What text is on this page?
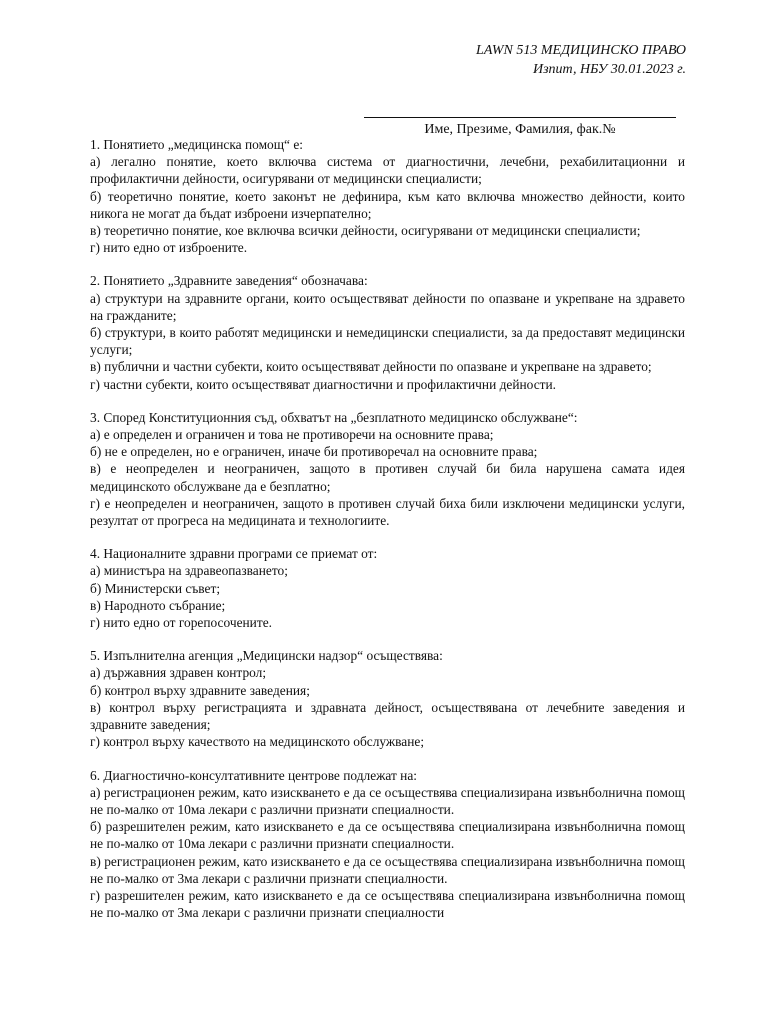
LAWN 513 МЕДИЦИНСКО ПРАВО
Изпит, НБУ 30.01.2023 г.
Име, Презиме, Фамилия, фак.№

1. Понятието „медицинска помощ“ е:

а) легално понятие, което включва система от диагностични, лечебни, рехабилитационни и профилактични дейности, осигурявани от медицински специалисти;

б) теоретично понятие, което законът не дефинира, към като включва множество дейности, които никога не могат да бъдат изброени изчерпателно;

в) теоретично понятие, кое включва всички дейности, осигурявани от медицински специалисти;

г) нито едно от изброените.

2. Понятието „Здравните заведения“ обозначава:

а) структури на здравните органи, които осъществяват дейности по опазване и укрепване на здравето на гражданите;

б) структури, в които работят медицински и немедицински специалисти, за да предоставят медицински услуги;

в) публични и частни субекти, които осъществяват дейности по опазване и укрепване на здравето;

г) частни субекти, които осъществяват диагностични и профилактични дейности.

3. Според Конституционния съд, обхватът на „безплатното медицинско обслужване“:

а) е определен и ограничен и това не противоречи на основните права;

б) не е определен, но е ограничен, иначе би противоречал на основните права;

в) е неопределен и неограничен, защото в противен случай би била нарушена самата идея медицинското обслужване да е безплатно;

г) е неопределен и неограничен, защото в противен случай биха били изключени медицински услуги, резултат от прогреса на медицината и технологиите.

4. Националните здравни програми се приемат от:

а) министъра на здравеопазването;

б) Министерски съвет;

в) Народното събрание;

г) нито едно от горепосочените.

5. Изпълнителна агенция „Медицински надзор“ осъществява:

а) държавния здравен контрол;

б) контрол върху здравните заведения;

в) контрол върху регистрацията и здравната дейност, осъществявана от лечебните заведения и здравните заведения;

г) контрол върху качеството на медицинското обслужване;

6. Диагностично-консултативните центрове подлежат на:

а) регистрационен режим, като изискването е да се осъществява специализирана извънболнична помощ не по-малко от 10ма лекари с различни признати специалности.

б) разрешителен режим, като изискването е да се осъществява специализирана извънболнична помощ не по-малко от 10ма лекари с различни признати специалности.

в) регистрационен режим, като изискването е да се осъществява специализирана извънболнична помощ не по-малко от 3ма лекари с различни признати специалности.

г) разрешителен режим, като изискването е да се осъществява специализирана извънболнична помощ не по-малко от 3ма лекари с различни признати специалности
